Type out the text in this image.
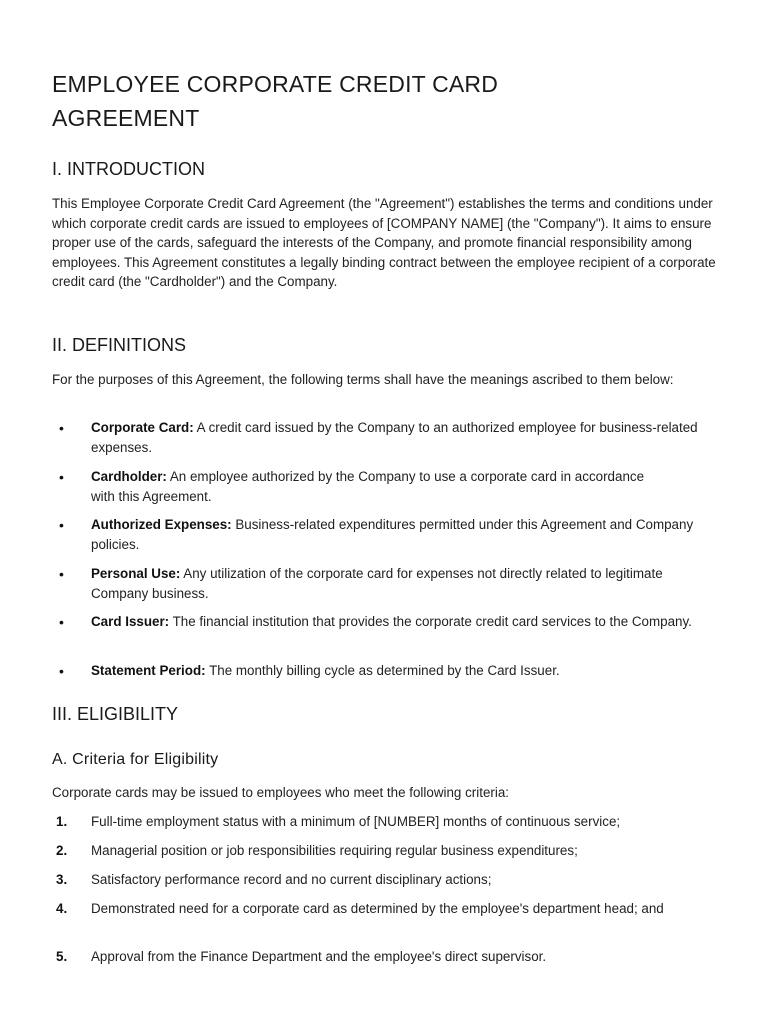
EMPLOYEE CORPORATE CREDIT CARD AGREEMENT
I. INTRODUCTION

This Employee Corporate Credit Card Agreement (the "Agreement") establishes the terms and conditions under which corporate credit cards are issued to employees of [COMPANY NAME] (the "Company"). It aims to ensure proper use of the cards, safeguard the interests of the Company, and promote financial responsibility among employees. This Agreement constitutes a legally binding contract between the employee recipient of a corporate credit card (the "Cardholder") and the Company.

II. DEFINITIONS

For the purposes of this Agreement, the following terms shall have the meanings ascribed to them below:

• Corporate Card: A credit card issued by the Company to an authorized employee for business-related expenses.
• Cardholder: An employee authorized by the Company to use a corporate card in accordance with this Agreement.
• Authorized Expenses: Business-related expenditures permitted under this Agreement and Company policies.
• Personal Use: Any utilization of the corporate card for expenses not directly related to legitimate Company business.
• Card Issuer: The financial institution that provides the corporate credit card services to the Company.
• Statement Period: The monthly billing cycle as determined by the Card Issuer.
III. ELIGIBILITY
A. Criteria for Eligibility

Corporate cards may be issued to employees who meet the following criteria:

1. Full-time employment status with a minimum of [NUMBER] months of continuous service;
2. Managerial position or job responsibilities requiring regular business expenditures;
3. Satisfactory performance record and no current disciplinary actions;
4. Demonstrated need for a corporate card as determined by the employee's department head; and
5. Approval from the Finance Department and the employee's direct supervisor.
